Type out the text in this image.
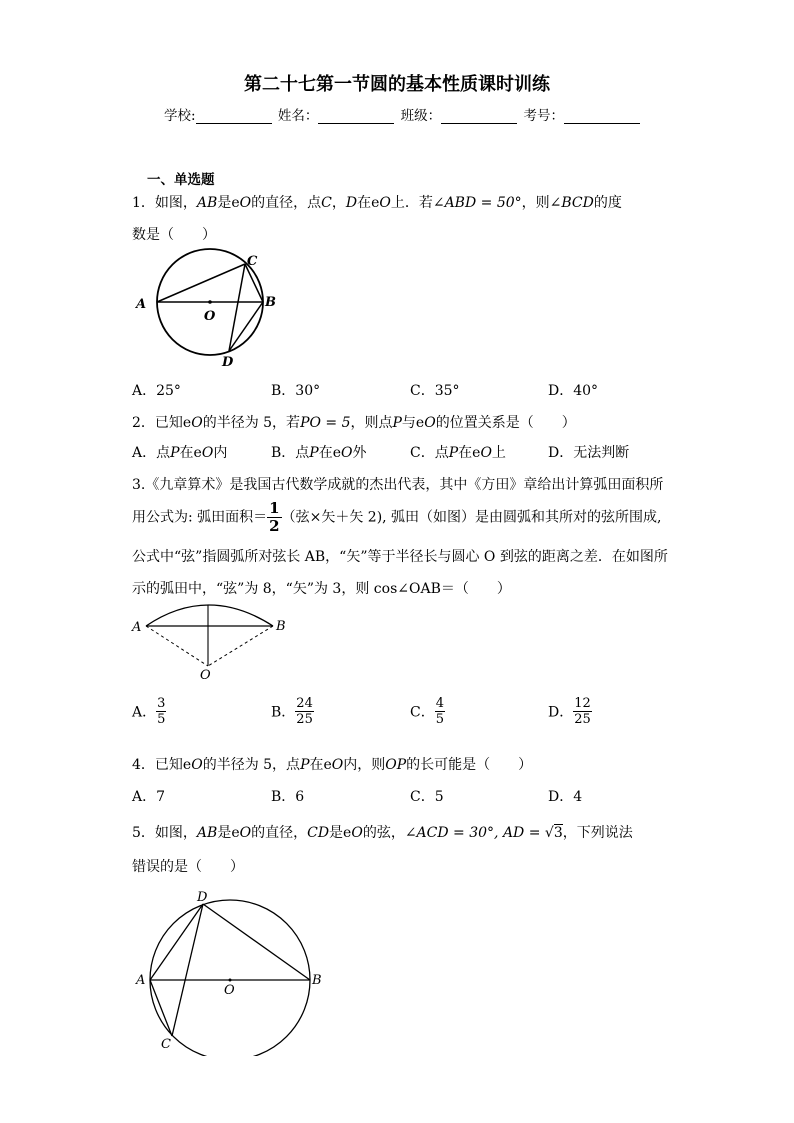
第二十七第一节圆的基本性质课时训练
学校:	姓名：	班级：	考号：
一、单选题
1．如图，AB是eO的直径，点C，D在eO上．若∠ABD = 50°，则∠BCD的度
数是（　　）
A	B
C
D
O
A．25°	B．30°	C．35°	D．40°
2．已知eO的半径为 5，若PO = 5，则点P与eO的位置关系是（　　）
A．点P在eO内	B．点P在eO外	C．点P在eO上	D．无法判断
3.《九章算术》是我国古代数学成就的杰出代表，其中《方田》章给出计算弧田面积所
用公式为: 弧田面积＝ $\frac{1}{2}$（弦×矢＋矢 2), 弧田（如图）是由圆弧和其所对的弦所围成,
公式中“弦”指圆弧所对弦长 AB，“矢”等于半径长与圆心 O 到弦的距离之差．在如图所
示的弧田中，“弦”为 8，“矢”为 3，则 cos∠OAB＝（　　）
A	B
O
A． $\frac{3}{5}$	B． $\frac{24}{25}$	C． $\frac{4}{5}$	D． $\frac{12}{25}$
4．已知eO的半径为 5，点P在eO内，则OP的长可能是（　　）
A．7	B．6	C．5	D．4
5．如图，AB是eO的直径，CD是eO的弦，∠ACD = 30°, AD = √3，下列说法
错误的是（　　）
A	B
C
D
O
